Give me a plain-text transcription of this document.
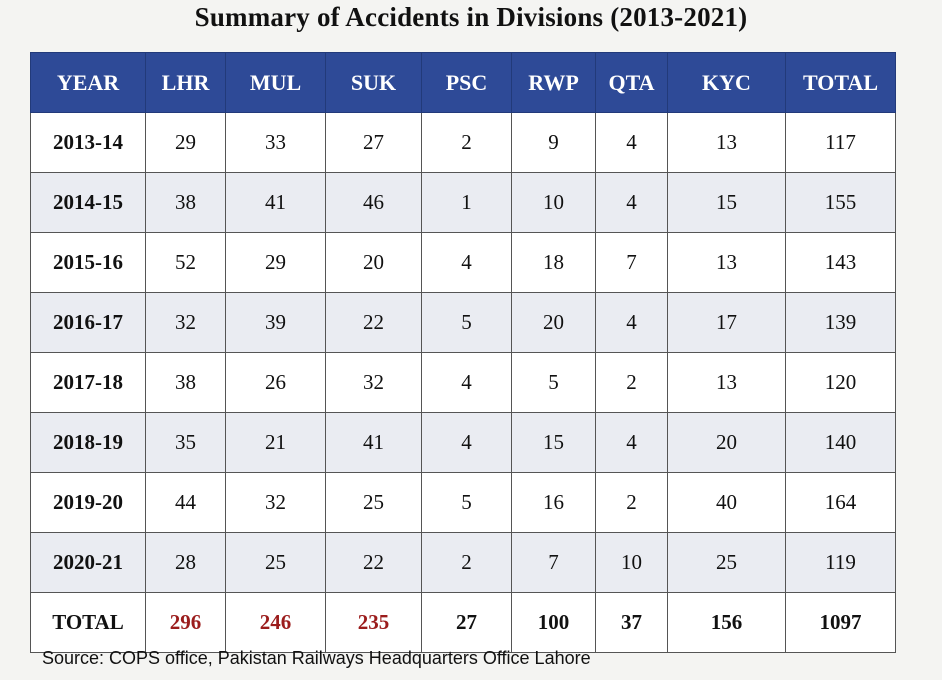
Summary of Accidents in Divisions (2013-2021)
YEAR	LHR	MUL	SUK	PSC	RWP	QTA	KYC	TOTAL
2013-14	29	33	27	2	9	4	13	117
2014-15	38	41	46	1	10	4	15	155
2015-16	52	29	20	4	18	7	13	143
2016-17	32	39	22	5	20	4	17	139
2017-18	38	26	32	4	5	2	13	120
2018-19	35	21	41	4	15	4	20	140
2019-20	44	32	25	5	16	2	40	164
2020-21	28	25	22	2	7	10	25	119
TOTAL	296	246	235	27	100	37	156	1097
Source: COPS office, Pakistan Railways Headquarters Office Lahore
